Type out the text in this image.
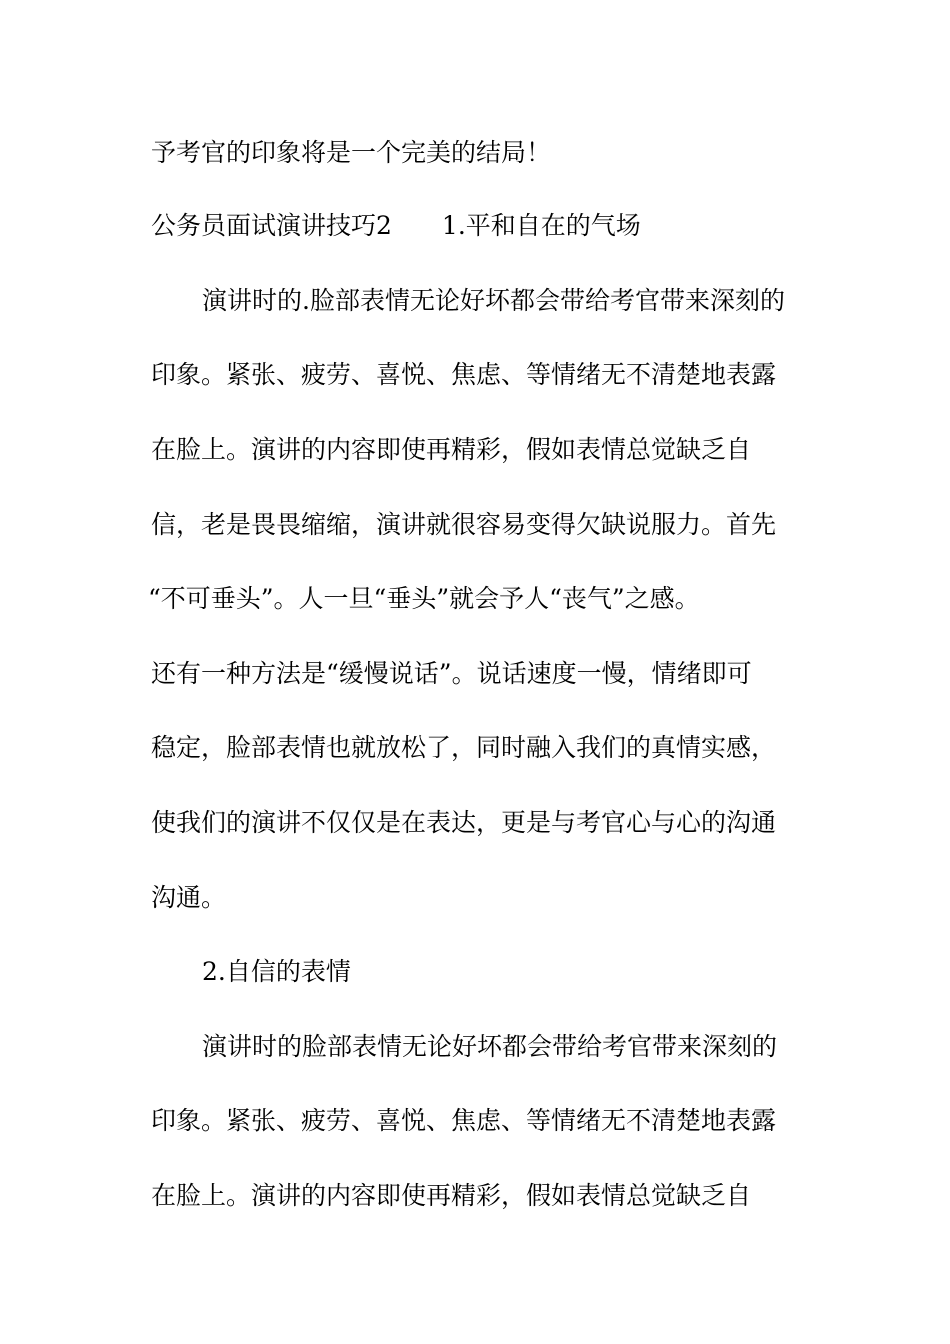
予考官的印象将是一个完美的结局！
公务员面试演讲技巧2 1.平和自在的气场
演讲时的.脸部表情无论好坏都会带给考官带来深刻的
印象。紧张、疲劳、喜悦、焦虑、等情绪无不清楚地表露
在脸上。演讲的内容即使再精彩，假如表情总觉缺乏自
信，老是畏畏缩缩，演讲就很容易变得欠缺说服力。首先
“不可垂头”。人一旦“垂头”就会予人“丧气”之感。
还有一种方法是“缓慢说话”。说话速度一慢，情绪即可
稳定，脸部表情也就放松了，同时融入我们的真情实感，
使我们的演讲不仅仅是在表达，更是与考官心与心的沟通
沟通。
2.自信的表情
演讲时的脸部表情无论好坏都会带给考官带来深刻的
印象。紧张、疲劳、喜悦、焦虑、等情绪无不清楚地表露
在脸上。演讲的内容即使再精彩，假如表情总觉缺乏自
